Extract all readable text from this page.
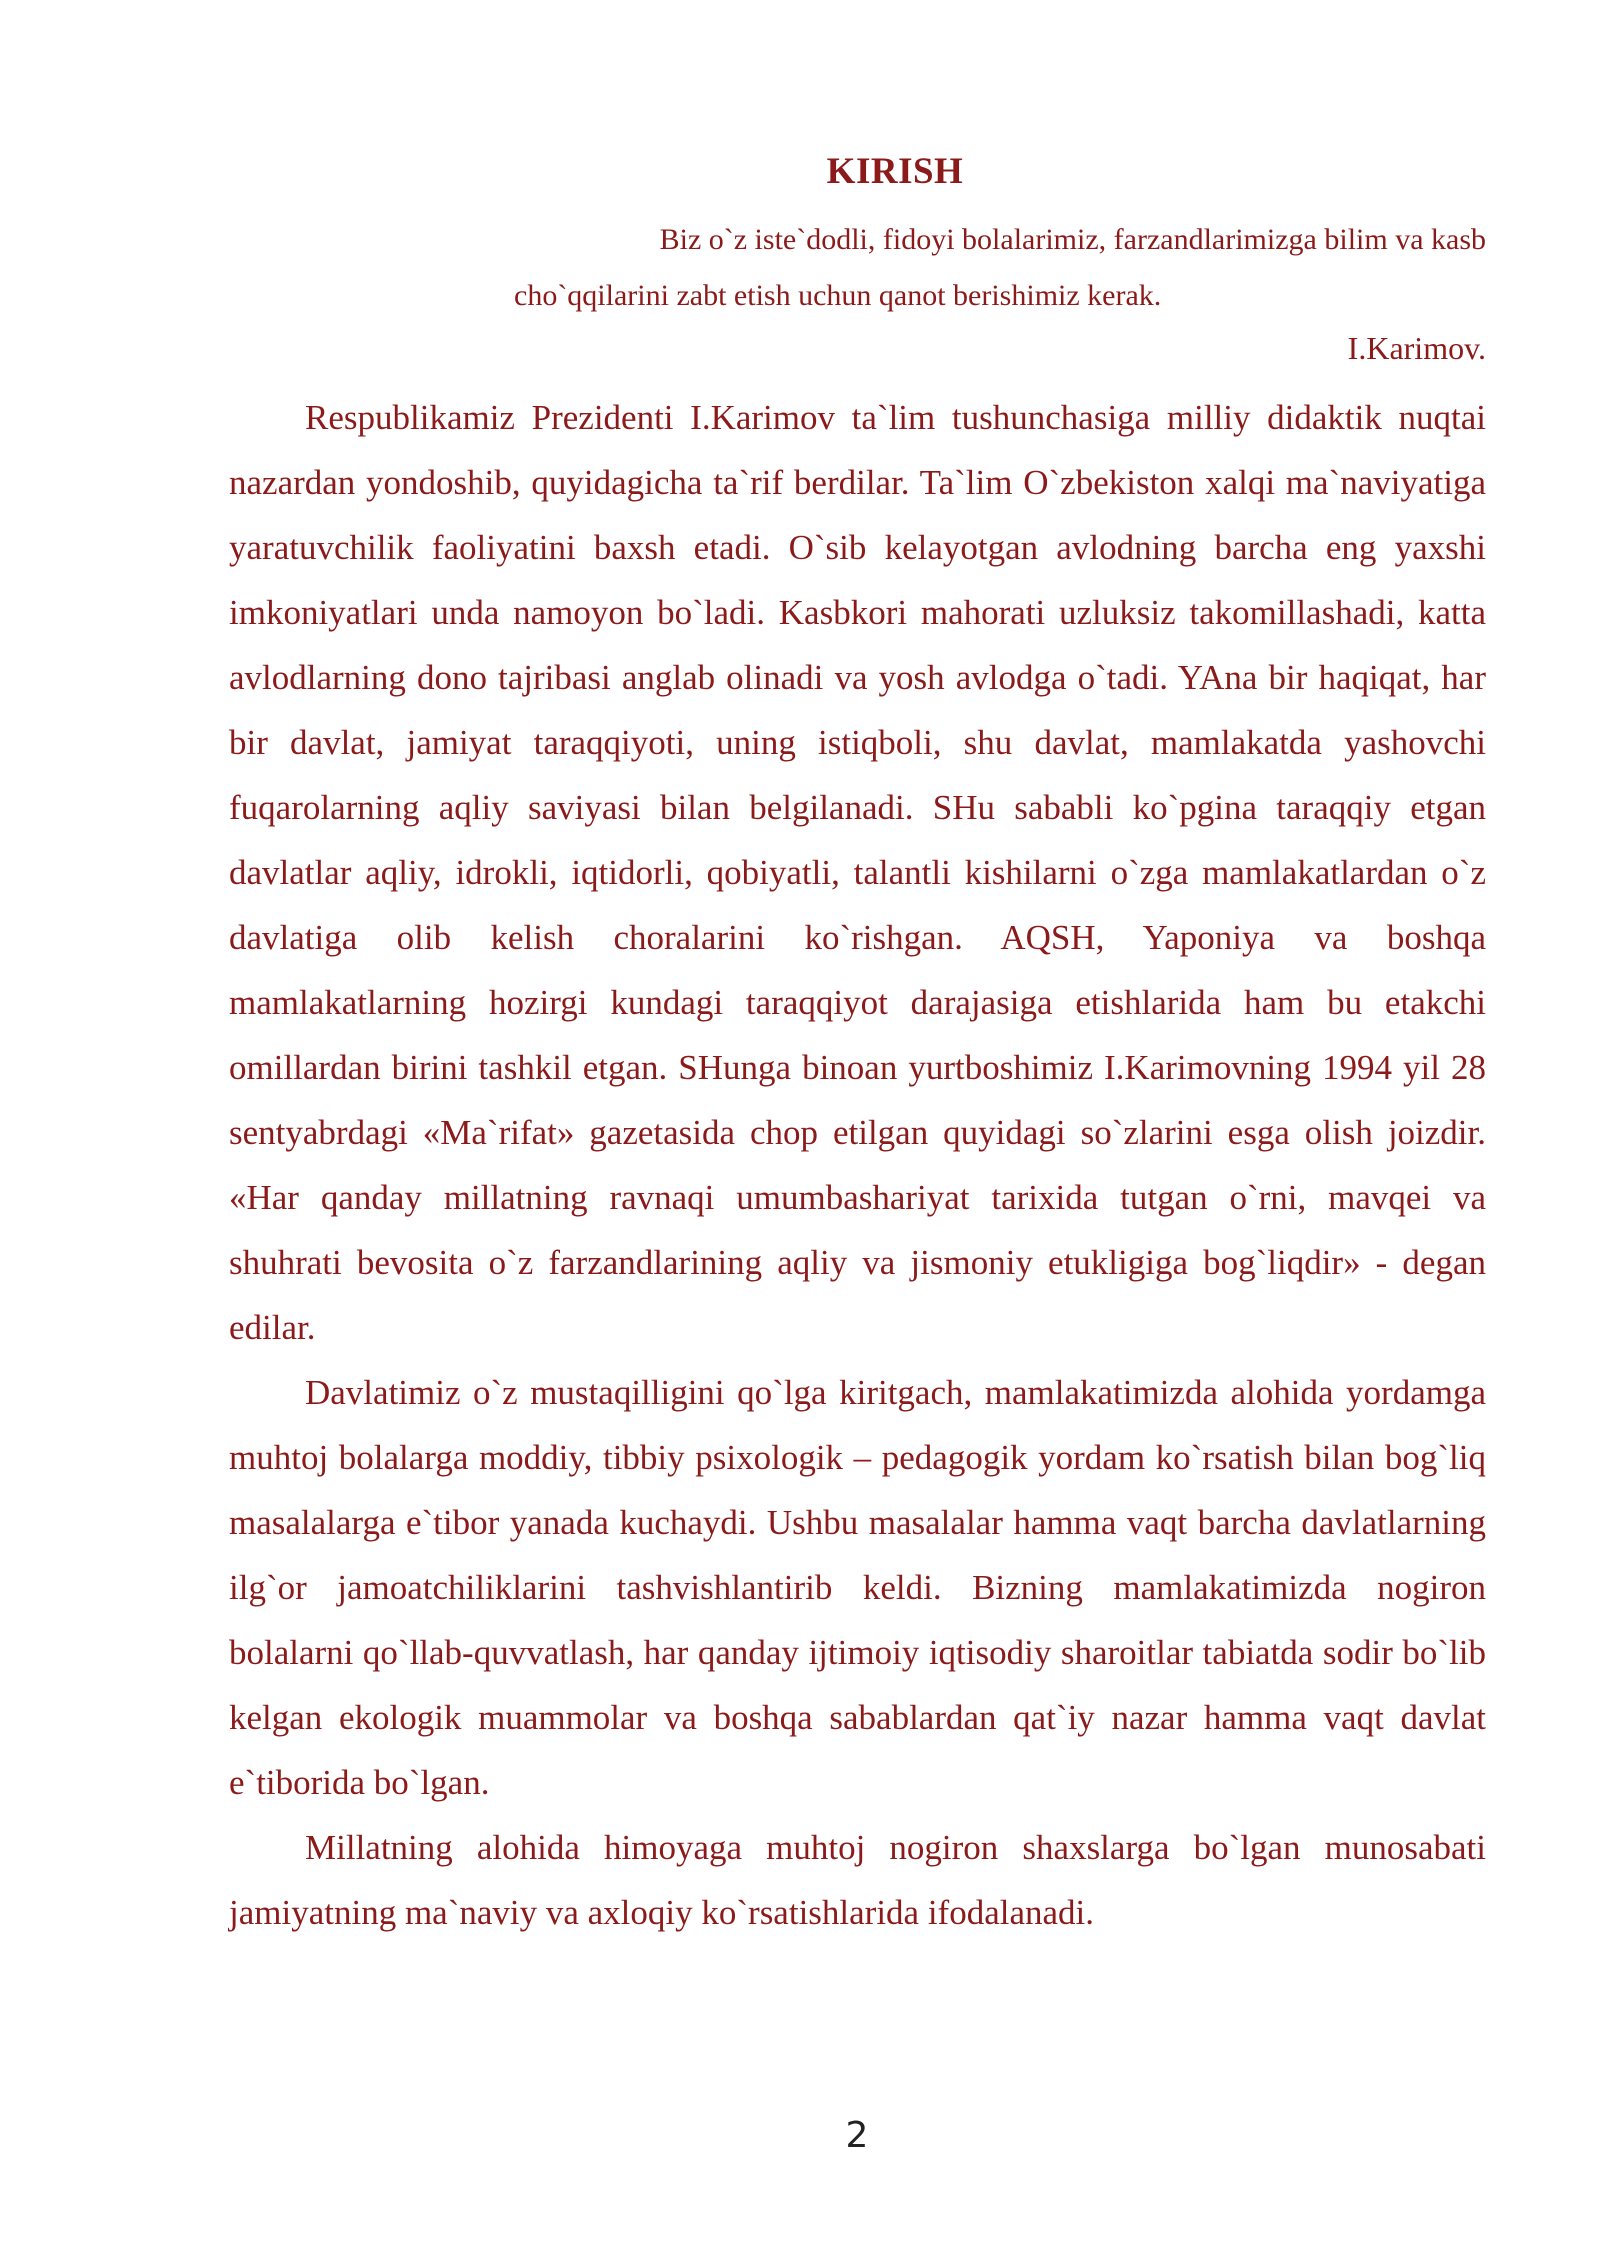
KIRISH
Biz o`z iste`dodli, fidoyi bolalarimiz, farzandlarimizga bilim va kasb
cho`qqilarini zabt etish uchun qanot berishimiz kerak.
I.Karimov.

Respublikamiz Prezidenti I.Karimov ta`lim tushunchasiga milliy didaktik nuqtai nazardan yondoshib, quyidagicha ta`rif berdilar. Ta`lim O`zbekiston xalqi ma`naviyatiga yaratuvchilik faoliyatini baxsh etadi. O`sib kelayotgan avlodning barcha eng yaxshi imkoniyatlari unda namoyon bo`ladi. Kasbkori mahorati uzluksiz takomillashadi, katta avlodlarning dono tajribasi anglab olinadi va yosh avlodga o`tadi. YAna bir haqiqat, har bir davlat, jamiyat taraqqiyoti, uning istiqboli, shu davlat, mamlakatda yashovchi fuqarolarning aqliy saviyasi bilan belgilanadi. SHu sababli ko`pgina taraqqiy etgan davlatlar aqliy, idrokli, iqtidorli, qobiyatli, talantli kishilarni o`zga mamlakatlardan o`z davlatiga olib kelish choralarini ko`rishgan. AQSH, Yaponiya va boshqa mamlakatlarning hozirgi kundagi taraqqiyot darajasiga etishlarida ham bu etakchi omillardan birini tashkil etgan. SHunga binoan yurtboshimiz I.Karimovning 1994 yil 28 sentyabrdagi «Ma`rifat» gazetasida chop etilgan quyidagi so`zlarini esga olish joizdir. «Har qanday millatning ravnaqi umumbashariyat tarixida tutgan o`rni, mavqei va shuhrati bevosita o`z farzandlarining aqliy va jismoniy etukligiga bog`liqdir» - degan edilar.

Davlatimiz o`z mustaqilligini qo`lga kiritgach, mamlakatimizda alohida yordamga muhtoj bolalarga moddiy, tibbiy psixologik – pedagogik yordam ko`rsatish bilan bog`liq masalalarga e`tibor yanada kuchaydi. Ushbu masalalar hamma vaqt barcha davlatlarning ilg`or jamoatchiliklarini tashvishlantirib keldi. Bizning mamlakatimizda nogiron bolalarni qo`llab-quvvatlash, har qanday ijtimoiy iqtisodiy sharoitlar tabiatda sodir bo`lib kelgan ekologik muammolar va boshqa sabablardan qat`iy nazar hamma vaqt davlat e`tiborida bo`lgan.

Millatning alohida himoyaga muhtoj nogiron shaxslarga bo`lgan munosabati jamiyatning ma`naviy va axloqiy ko`rsatishlarida ifodalanadi.

2
